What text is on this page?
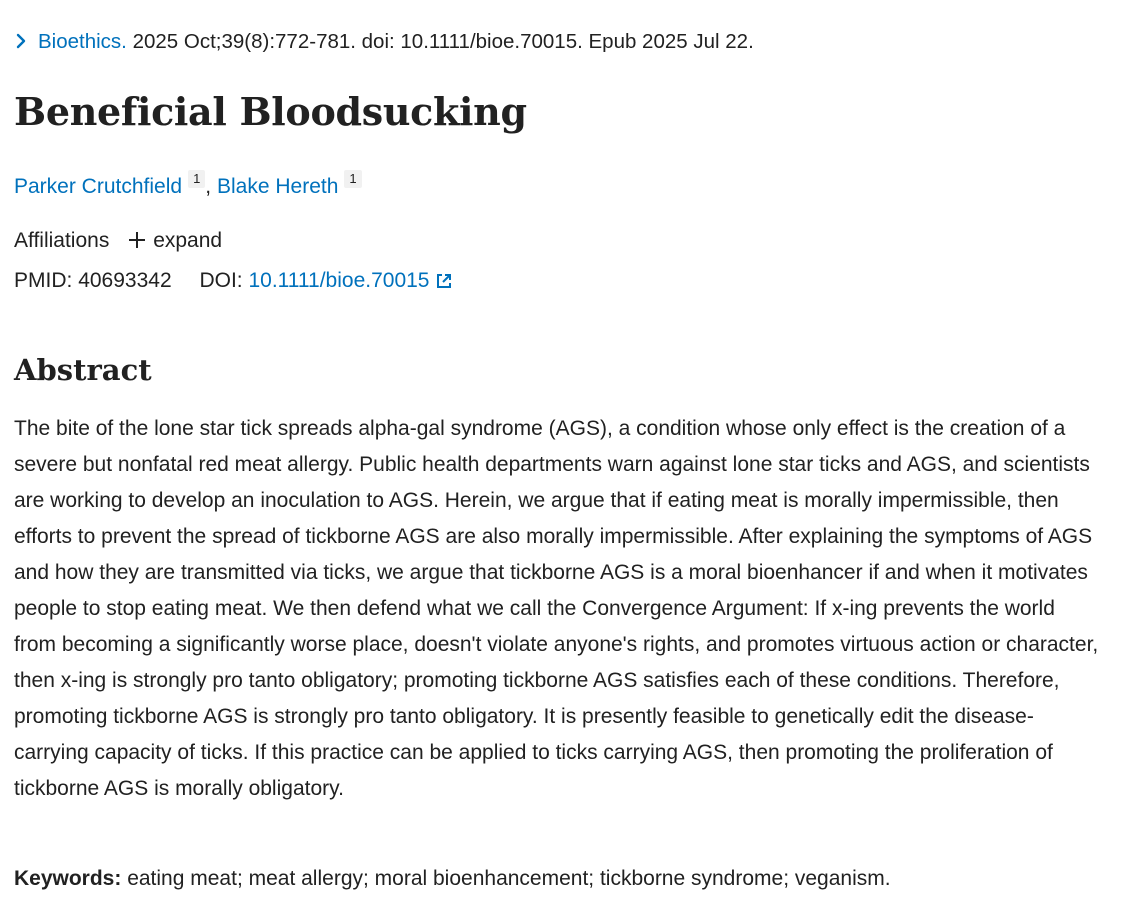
Bioethics. 2025 Oct;39(8):772-781. doi: 10.1111/bioe.70015. Epub 2025 Jul 22.
Beneficial Bloodsucking
Parker Crutchfield 1 , Blake Hereth 1
Affiliations expand
PMID: 40693342 DOI: 10.1111/bioe.70015
Abstract

The bite of the lone star tick spreads alpha-gal syndrome (AGS), a condition whose only effect is the creation of a severe but nonfatal red meat allergy. Public health departments warn against lone star ticks and AGS, and scientists are working to develop an inoculation to AGS. Herein, we argue that if eating meat is morally impermissible, then efforts to prevent the spread of tickborne AGS are also morally impermissible. After explaining the symptoms of AGS and how they are transmitted via ticks, we argue that tickborne AGS is a moral bioenhancer if and when it motivates people to stop eating meat. We then defend what we call the Convergence Argument: If x-ing prevents the world from becoming a significantly worse place, doesn't violate anyone's rights, and promotes virtuous action or character, then x-ing is strongly pro tanto obligatory; promoting tickborne AGS satisfies each of these conditions. Therefore, promoting tickborne AGS is strongly pro tanto obligatory. It is presently feasible to genetically edit the disease-carrying capacity of ticks. If this practice can be applied to ticks carrying AGS, then promoting the proliferation of tickborne AGS is morally obligatory.

Keywords: eating meat; meat allergy; moral bioenhancement; tickborne syndrome; veganism.
